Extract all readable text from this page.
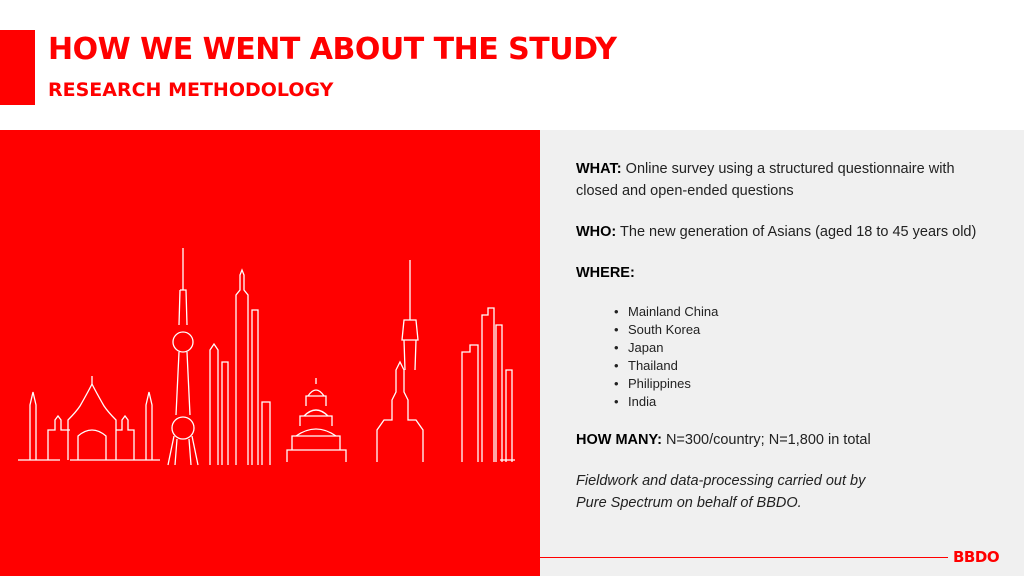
HOW WE WENT ABOUT THE STUDY
RESEARCH METHODOLOGY

WHAT: Online survey using a structured questionnaire with closed and open-ended questions

WHO: The new generation of Asians (aged 18 to 45 years old)

WHERE:

• Mainland China
• South Korea
• Japan
• Thailand
• Philippines
• India

HOW MANY: N=300/country; N=1,800 in total

Fieldwork and data-processing carried out by
Pure Spectrum on behalf of BBDO.

BBDO
